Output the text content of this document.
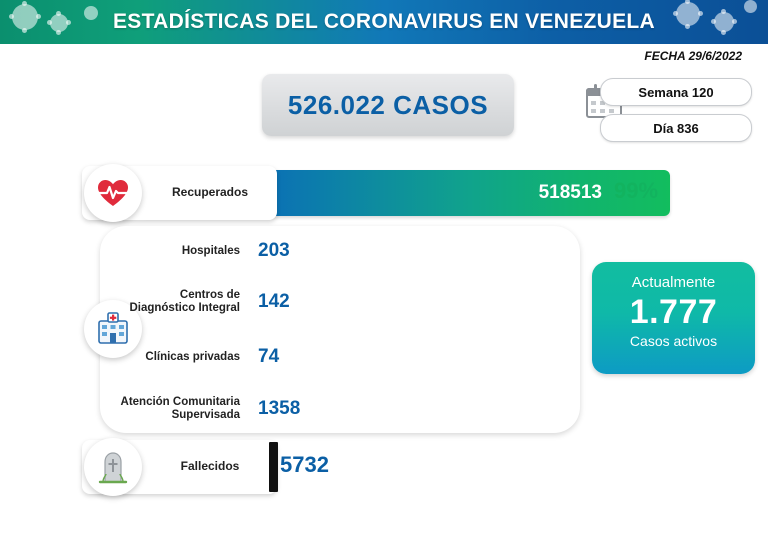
ESTADÍSTICAS DEL CORONAVIRUS EN VENEZUELA
FECHA 29/6/2022
526.022 CASOS	Semana 120
Día 836
518513 99%
Recuperados
Hospitales 203
Centros de Diagnóstico Integral 142
Clínicas privadas 74
Atención Comunitaria Supervisada 1358
Actualmente
1.777
Casos activos
Fallecidos	5732
